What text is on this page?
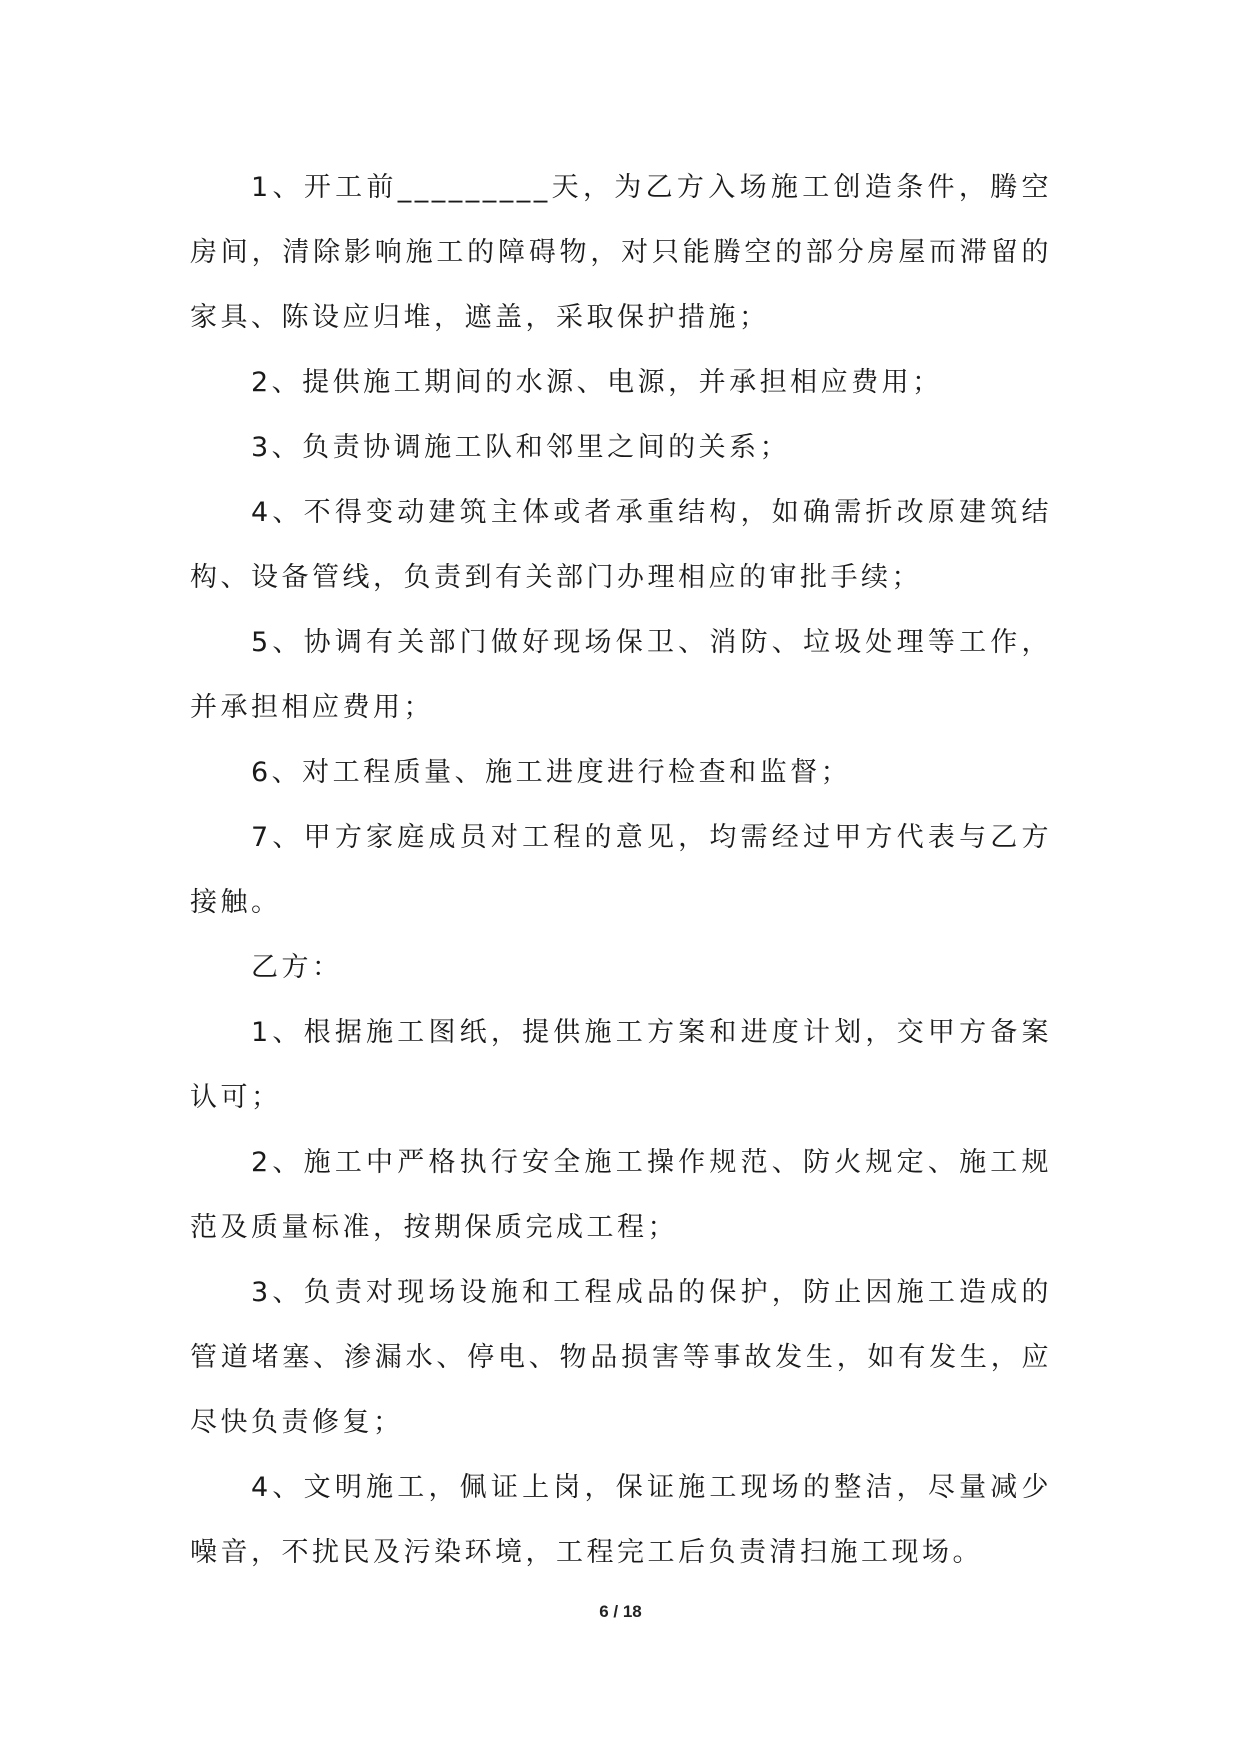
1、开工前_________天，为乙方入场施工创造条件，腾空房间，清除影响施工的障碍物，对只能腾空的部分房屋而滞留的家具、陈设应归堆，遮盖，采取保护措施；

2、提供施工期间的水源、电源，并承担相应费用；

3、负责协调施工队和邻里之间的关系；

4、不得变动建筑主体或者承重结构，如确需折改原建筑结构、设备管线，负责到有关部门办理相应的审批手续；

5、协调有关部门做好现场保卫、消防、垃圾处理等工作，并承担相应费用；

6、对工程质量、施工进度进行检查和监督；

7、甲方家庭成员对工程的意见，均需经过甲方代表与乙方接触。

乙方：

1、根据施工图纸，提供施工方案和进度计划，交甲方备案认可；

2、施工中严格执行安全施工操作规范、防火规定、施工规范及质量标准，按期保质完成工程；

3、负责对现场设施和工程成品的保护，防止因施工造成的管道堵塞、渗漏水、停电、物品损害等事故发生，如有发生，应尽快负责修复；

4、文明施工，佩证上岗，保证施工现场的整洁，尽量减少噪音，不扰民及污染环境，工程完工后负责清扫施工现场。

6 / 18
